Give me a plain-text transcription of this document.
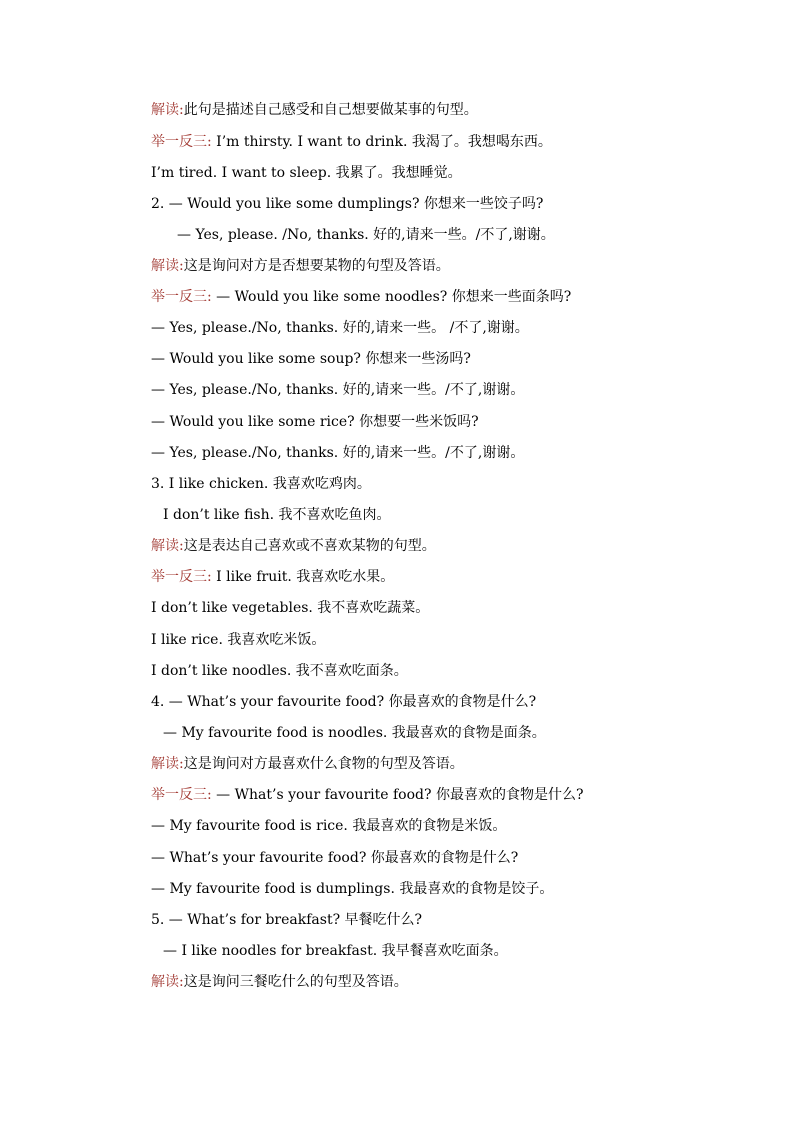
解读:此句是描述自己感受和自己想要做某事的句型。
举一反三: I’m thirsty. I want to drink. 我渴了。我想喝东西。
I’m tired. I want to sleep. 我累了。我想睡觉。
2. — Would you like some dumplings? 你想来一些饺子吗?
— Yes, please. /No, thanks. 好的,请来一些。/不了,谢谢。
解读:这是询问对方是否想要某物的句型及答语。
举一反三: — Would you like some noodles? 你想来一些面条吗?
— Yes, please./No, thanks. 好的,请来一些。 /不了,谢谢。
— Would you like some soup? 你想来一些汤吗?
— Yes, please./No, thanks. 好的,请来一些。/不了,谢谢。
— Would you like some rice? 你想要一些米饭吗?
— Yes, please./No, thanks. 好的,请来一些。/不了,谢谢。
3. I like chicken. 我喜欢吃鸡肉。
I don’t like fish. 我不喜欢吃鱼肉。
解读:这是表达自己喜欢或不喜欢某物的句型。
举一反三: I like fruit. 我喜欢吃水果。
I don’t like vegetables. 我不喜欢吃蔬菜。
I like rice. 我喜欢吃米饭。
I don’t like noodles. 我不喜欢吃面条。
4. — What’s your favourite food? 你最喜欢的食物是什么?
— My favourite food is noodles. 我最喜欢的食物是面条。
解读:这是询问对方最喜欢什么食物的句型及答语。
举一反三: — What’s your favourite food? 你最喜欢的食物是什么?
— My favourite food is rice. 我最喜欢的食物是米饭。
— What’s your favourite food? 你最喜欢的食物是什么?
— My favourite food is dumplings. 我最喜欢的食物是饺子。
5. — What’s for breakfast? 早餐吃什么?
— I like noodles for breakfast. 我早餐喜欢吃面条。
解读:这是询问三餐吃什么的句型及答语。
